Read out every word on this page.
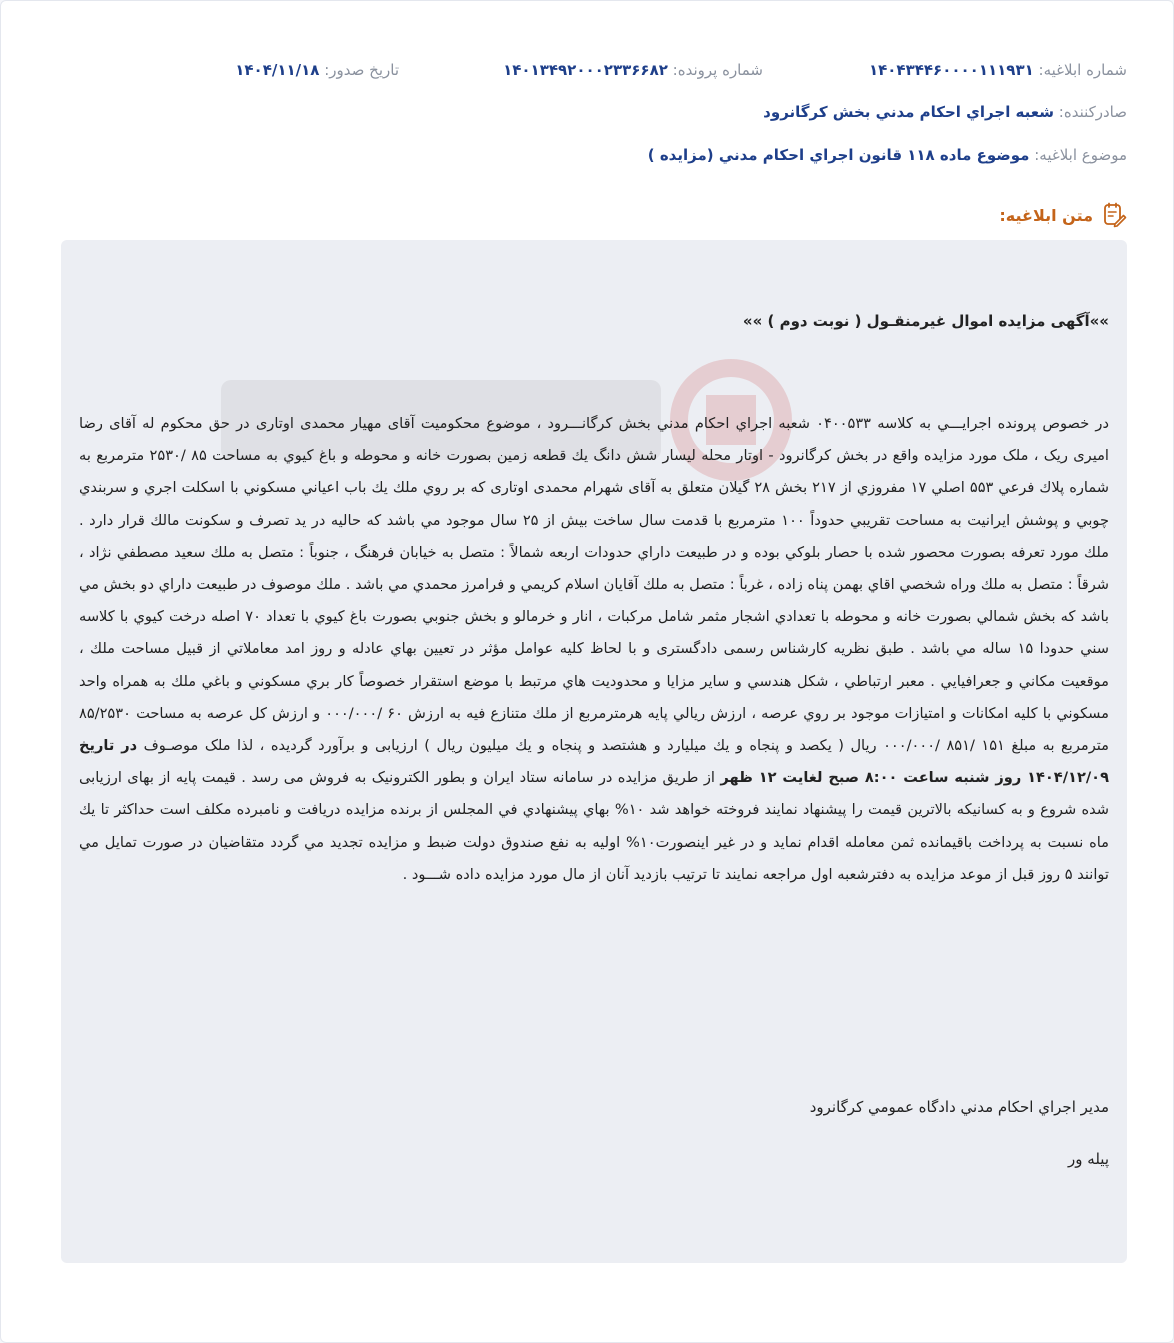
شماره ابلاغيه: ۱۴۰۴۳۴۴۶۰۰۰۰۱۱۱۹۳۱
شماره پرونده: ۱۴۰۱۳۴۹۲۰۰۰۲۳۳۶۶۸۲
تاريخ صدور: ۱۴۰۴/۱۱/۱۸
صادرکننده: شعبه اجراي احكام مدني بخش كرگانرود
موضوع ابلاغيه: موضوع ماده ۱۱۸ قانون اجراي احكام مدني (مزايده )
متن ابلاغيه:
»»آگهی مزایده اموال غیرمنقـول ( نوبت دوم ) »»
در خصوص پرونده اجرايـــي به كلاسه ۰۴۰۰۵۳۳ شعبه اجراي احكام مدني بخش كرگانـــرود ، موضوع محکومیت آقای مهيار محمدی اوتاری در حق محکوم له آقای رضا امیری ریک ، ملک مورد مزایده واقع در بخش کرگانرود - اوتار محله ليسار شش دانگ يك قطعه زمين بصورت خانه و محوطه و باغ كيوي به مساحت ۸۵ /۲۵۳۰ مترمربع به شماره پلاك فرعي ۵۵۳ اصلي ۱۷ مفروزي از ۲۱۷ بخش ۲۸ گيلان متعلق به آقای شهرام محمدی اوتاری كه بر روي ملك يك باب اعياني مسكوني با اسكلت اجري و سربندي چوبي و پوشش ايرانيت به مساحت تقريبي حدوداً ۱۰۰ مترمربع با قدمت سال ساخت بيش از ۲۵ سال موجود مي باشد كه حاليه در يد تصرف و سكونت مالك قرار دارد . ملك مورد تعرفه بصورت محصور شده با حصار بلوكي بوده و در طبيعت داراي حدودات اربعه شمالاً : متصل به خيابان فرهنگ ، جنوباً : متصل به ملك سعيد مصطفي نژاد ، شرقاً : متصل به ملك وراه شخصي اقاي بهمن پناه زاده ، غرباً : متصل به ملك آقايان اسلام كريمي و فرامرز محمدي مي باشد . ملك موصوف در طبيعت داراي دو بخش مي باشد كه بخش شمالي بصورت خانه و محوطه با تعدادي اشجار مثمر شامل مركبات ، انار و خرمالو و بخش جنوبي بصورت باغ كيوي با تعداد ۷۰ اصله درخت كيوي با كلاسه سني حدودا ۱۵ ساله مي باشد . طبق نظريه كارشناس رسمی دادگستری و با لحاظ كليه عوامل مؤثر در تعيين بهاي عادله و روز امد معاملاتي از قبيل مساحت ملك ، موقعيت مكاني و جعرافيايي . معبر ارتباطي ، شكل هندسي و ساير مزايا و محدوديت هاي مرتبط با موضع استقرار خصوصاً كار بري مسكوني و باغي ملك به همراه واحد مسكوني با كليه امكانات و امتيازات موجود بر روي عرصه ، ارزش ريالي پايه هرمترمربع از ملك متنازع فيه به ارزش ۶۰ /۰۰۰/۰۰۰ و ارزش كل عرصه به مساحت ۸۵/۲۵۳۰ مترمربع به مبلغ ۱۵۱ /۸۵۱ /۰۰۰/۰۰۰ ريال ( يكصد و پنجاه و يك ميليارد و هشتصد و پنجاه و يك ميليون ريال ) ارزيابی و برآورد گرديده ، لذا ملک موصـوف در تاريخ ۱۴۰۴/۱۲/۰۹ روز شنبه ساعت ۸:۰۰ صبح لغايت ۱۲ ظهر از طریق مزایده در سامانه ستاد ایران و بطور الکترونیک به فروش می رسد . قیمت پایه از بهای ارزیابی شده شروع و به کسانیکه بالاترین قیمت را پیشنهاد نمایند فروخته خواهد شد ۱۰% بهاي پيشنهادي في المجلس از برنده مزايده دريافت و نامبرده مكلف است حداكثر تا يك ماه نسبت به پرداخت باقيمانده ثمن معامله اقدام نمايد و در غير اينصورت۱۰% اوليه به نفع صندوق دولت ضبط و مزايده تجديد مي گردد متقاضيان در صورت تمايل مي توانند ۵ روز قبل از موعد مزايده به دفترشعبه اول مراجعه نمايند تا ترتيب بازديد آنان از مال مورد مزايده داده شـــود .
مدير اجراي احكام مدني دادگاه عمومي كرگانرود
پيله ور
